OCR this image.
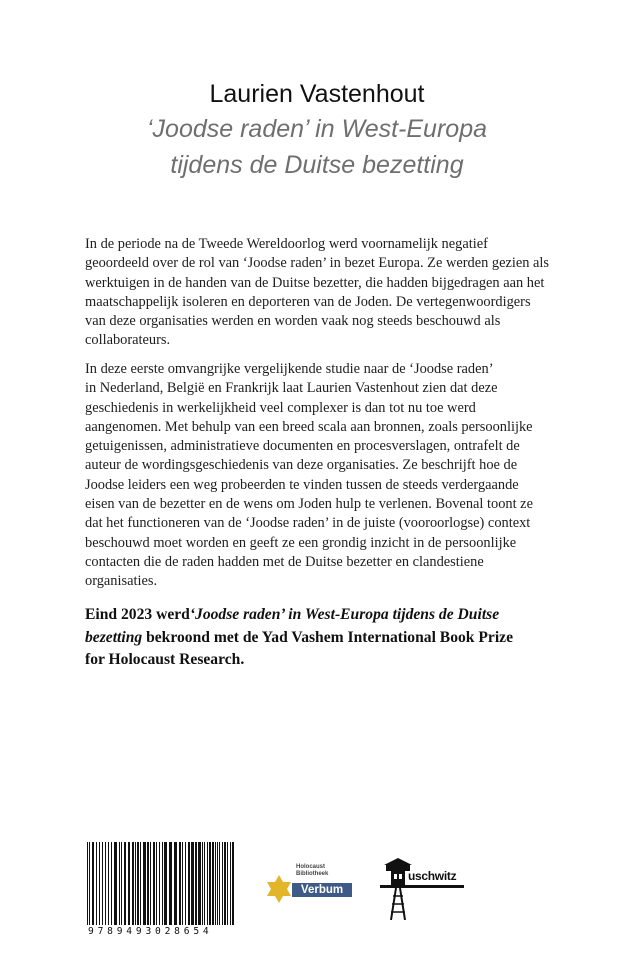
Laurien Vastenhout
‘Joodse raden’ in West-Europa
tijdens de Duitse bezetting
In de periode na de Tweede Wereldoorlog werd voornamelijk negatief
geoordeeld over de rol van ‘Joodse raden’ in bezet Europa. Ze werden gezien als
werktuigen in de handen van de Duitse bezetter, die hadden bijgedragen aan het
maatschappelijk isoleren en deporteren van de Joden. De vertegenwoordigers
van deze organisaties werden en worden vaak nog steeds beschouwd als
collaborateurs.
In deze eerste omvangrijke vergelijkende studie naar de ‘Joodse raden’
in Nederland, België en Frankrijk laat Laurien Vastenhout zien dat deze
geschiedenis in werkelijkheid veel complexer is dan tot nu toe werd
aangenomen. Met behulp van een breed scala aan bronnen, zoals persoonlijke
getuigenissen, administratieve documenten en procesverslagen, ontrafelt de
auteur de wordingsgeschiedenis van deze organisaties. Ze beschrijft hoe de
Joodse leiders een weg probeerden te vinden tussen de steeds verdergaande
eisen van de bezetter en de wens om Joden hulp te verlenen. Bovenal toont ze
dat het functioneren van de ‘Joodse raden’ in de juiste (vooroorlogse) context
beschouwd moet worden en geeft ze een grondig inzicht in de persoonlijke
contacten die de raden hadden met de Duitse bezetter en clandestiene
organisaties.
Eind 2023 werd‘Joodse raden’ in West-Europa tijdens de Duitse
bezetting bekroond met de Yad Vashem International Book Prize
for Holocaust Research.
9789493028654
Holocaust
Bibliotheek
Verbum
uschwitz
